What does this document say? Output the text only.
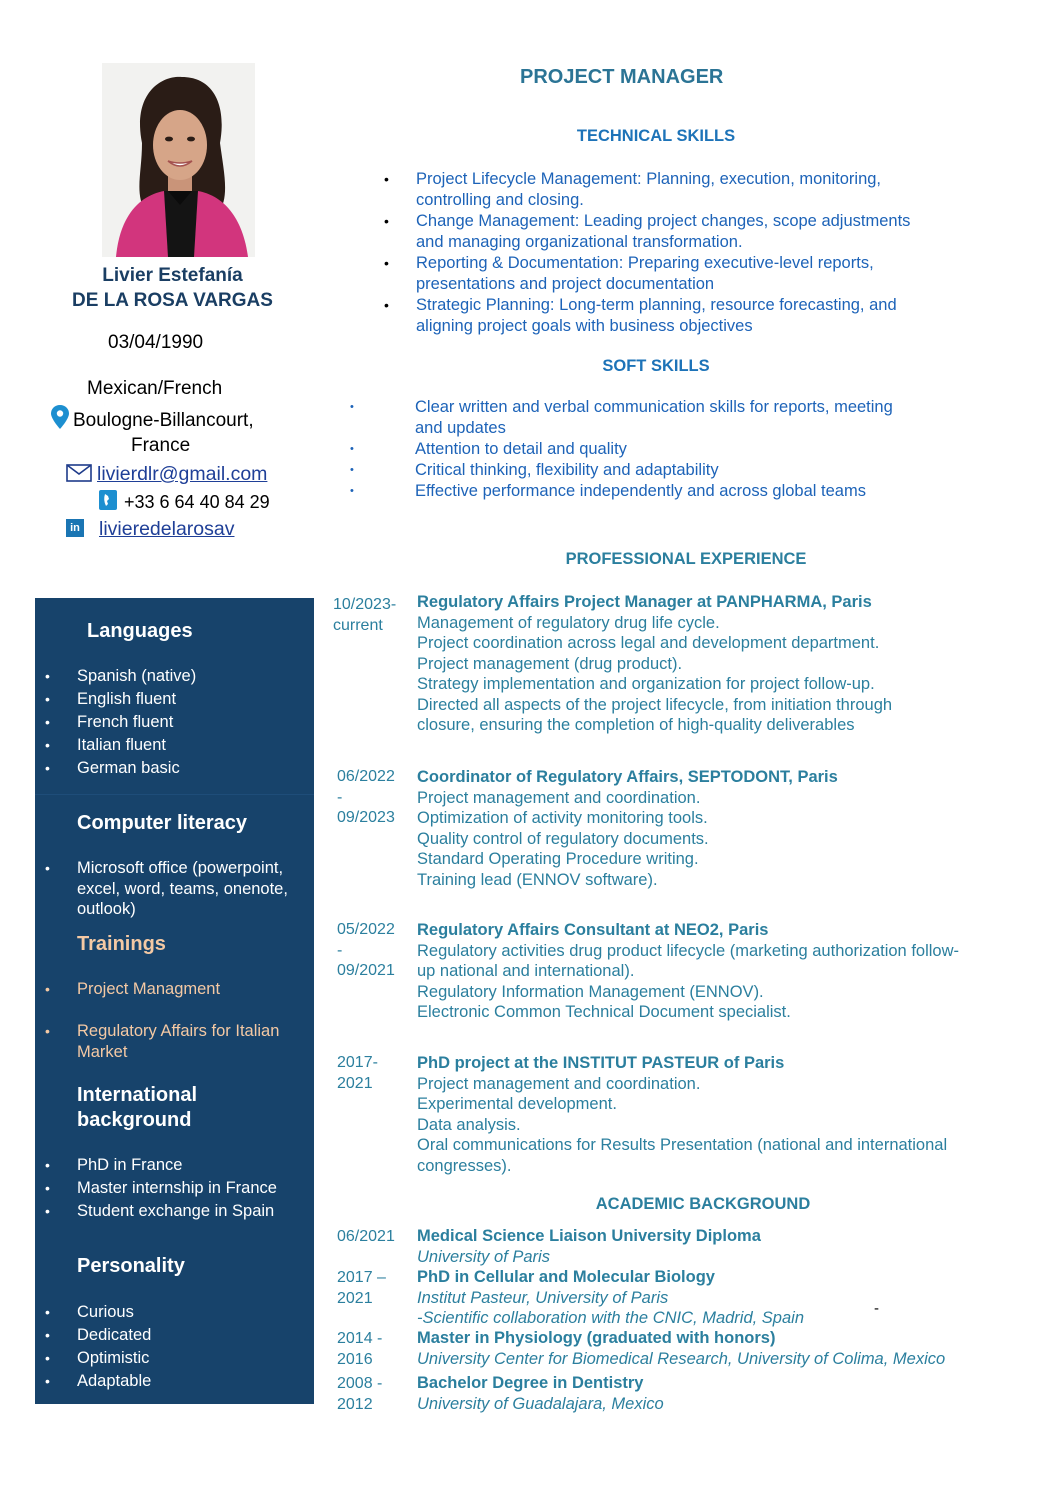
Livier Estefanía
DE LA ROSA VARGAS
03/04/1990
Mexican/French
Boulogne-Billancourt,
France
livierdlr@gmail.com
+33 6 64 40 84 29
in livieredelarosav
Languages
• Spanish (native)
• English fluent
• French fluent
• Italian fluent
• German basic
Computer literacy
• Microsoft office (powerpoint,
excel, word, teams, onenote,
outlook)
Trainings
• Project Managment
• Regulatory Affairs for Italian
Market
International
background
• PhD in France
• Master internship in France
• Student exchange in Spain
Personality
• Curious
• Dedicated
• Optimistic
• Adaptable
PROJECT MANAGER
TECHNICAL SKILLS
• Project Lifecycle Management: Planning, execution, monitoring,
controlling and closing.
• Change Management: Leading project changes, scope adjustments
and managing organizational transformation.
• Reporting & Documentation: Preparing executive-level reports,
presentations and project documentation
• Strategic Planning: Long-term planning, resource forecasting, and
aligning project goals with business objectives
SOFT SKILLS
•	Clear written and verbal communication skills for reports, meeting
and updates
•	Attention to detail and quality
•	Critical thinking, flexibility and adaptability
•	Effective performance independently and across global teams
PROFESSIONAL EXPERIENCE
10/2023-
current
Regulatory Affairs Project Manager at PANPHARMA, Paris
Management of regulatory drug life cycle.
Project coordination across legal and development department.
Project management (drug product).
Strategy implementation and organization for project follow-up.
Directed all aspects of the project lifecycle, from initiation through
closure, ensuring the completion of high-quality deliverables
06/2022
-
09/2023
Coordinator of Regulatory Affairs, SEPTODONT, Paris
Project management and coordination.
Optimization of activity monitoring tools.
Quality control of regulatory documents.
Standard Operating Procedure writing.
Training lead (ENNOV software).
05/2022
-
09/2021
Regulatory Affairs Consultant at NEO2, Paris
Regulatory activities drug product lifecycle (marketing authorization follow-
up national and international).
Regulatory Information Management (ENNOV).
Electronic Common Technical Document specialist.
2017-
2021
PhD project at the INSTITUT PASTEUR of Paris
Project management and coordination.
Experimental development.
Data analysis.
Oral communications for Results Presentation (national and international
congresses).
ACADEMIC BACKGROUND
06/2021 Medical Science Liaison University Diploma
University of Paris
2017 –
2021
PhD in Cellular and Molecular Biology
Institut Pasteur, University of Paris
-Scientific collaboration with the CNIC, Madrid, Spain
-
2014 -
2016
Master in Physiology (graduated with honors)
University Center for Biomedical Research, University of Colima, Mexico
2008 -
2012
Bachelor Degree in Dentistry
University of Guadalajara, Mexico
